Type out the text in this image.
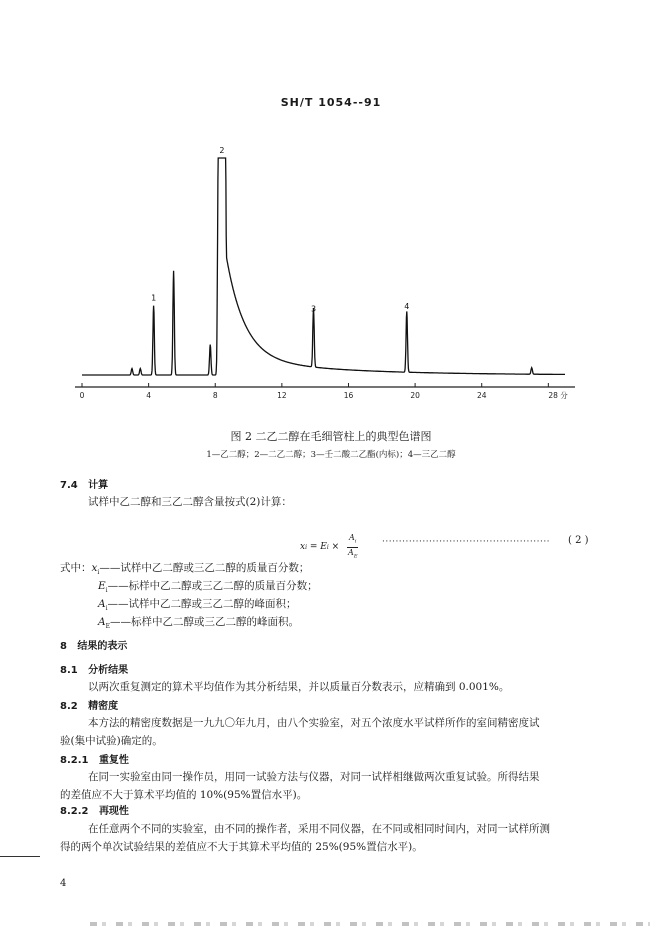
SH/T 1054--91
0	4	8	12	16	20	24	28 分
1
2
3	4
图 2 二乙二醇在毛细管柱上的典型色谱图
1—乙二醇；2—二乙二醇；3—壬二酸二乙酯(内标)；4—三乙二醇
7.4 计算
试样中乙二醇和三乙二醇含量按式(2)计算：
x i = E $i \times \frac{A_i}{A_E}$	·················································· ( 2 )
式中：$x_i——$试样中乙二醇或三乙二醇的质量百分数；
$E_i——$标样中乙二醇或三乙二醇的质量百分数；
$A_i——$试样中乙二醇或三乙二醇的峰面积；
$A_E——$标样中乙二醇或三乙二醇的峰面积。
8 结果的表示
8.1 分析结果
以两次重复测定的算术平均值作为其分析结果，并以质量百分数表示，应精确到 0.001%。
8.2 精密度
本方法的精密度数据是一九九〇年九月，由八个实验室，对五个浓度水平试样所作的室间精密度试
验(集中试验)确定的。
8.2.1 重复性
在同一实验室由同一操作员，用同一试验方法与仪器，对同一试样相继做两次重复试验。所得结果
的差值应不大于算术平均值的 10%(95%置信水平)。
8.2.2 再现性
在任意两个不同的实验室，由不同的操作者，采用不同仪器，在不同或相同时间内，对同一试样所测
得的两个单次试验结果的差值应不大于其算术平均值的 25%(95%置信水平)。
4
